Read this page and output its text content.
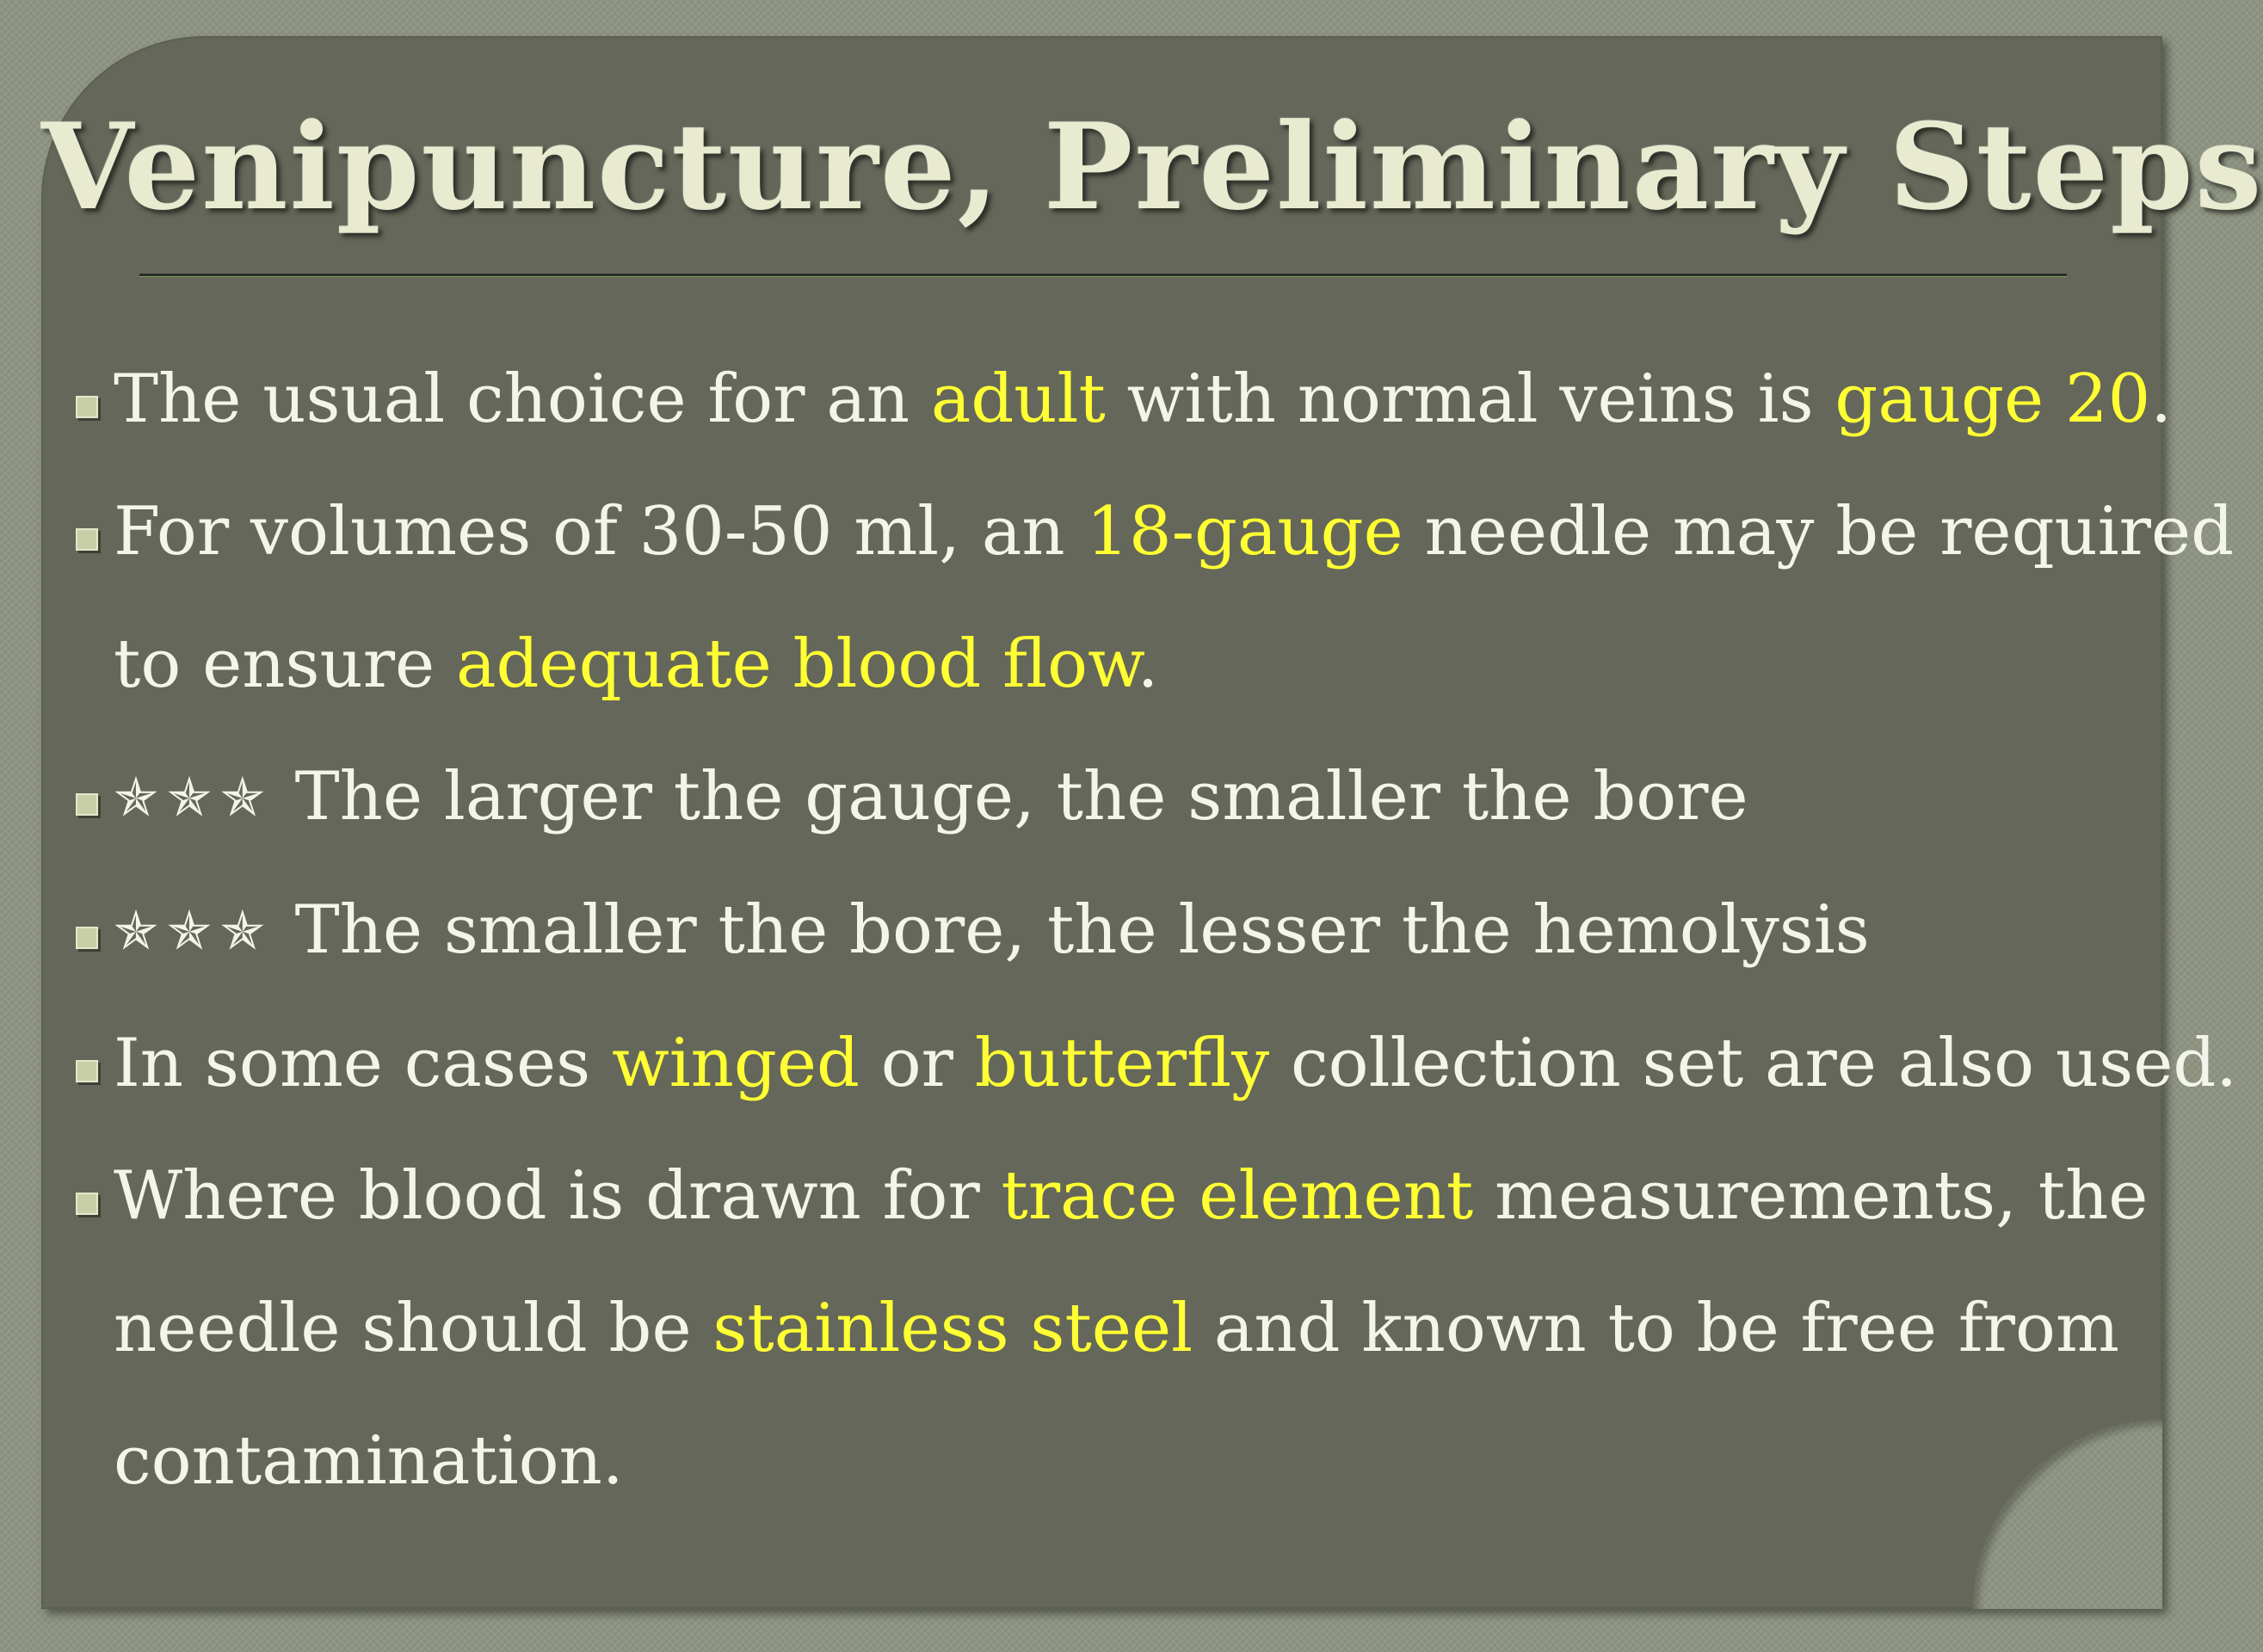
Venipuncture, Preliminary Steps
The usual choice for an adult with normal veins is gauge 20.
For volumes of 30-50 ml, an 18-gauge needle may be required
to ensure adequate blood flow.
✯✯✯ The larger the gauge, the smaller the bore
✯✯✯ The smaller the bore, the lesser the hemolysis
In some cases winged or butterfly collection set are also used.
Where blood is drawn for trace element measurements, the
needle should be stainless steel and known to be free from
contamination.
